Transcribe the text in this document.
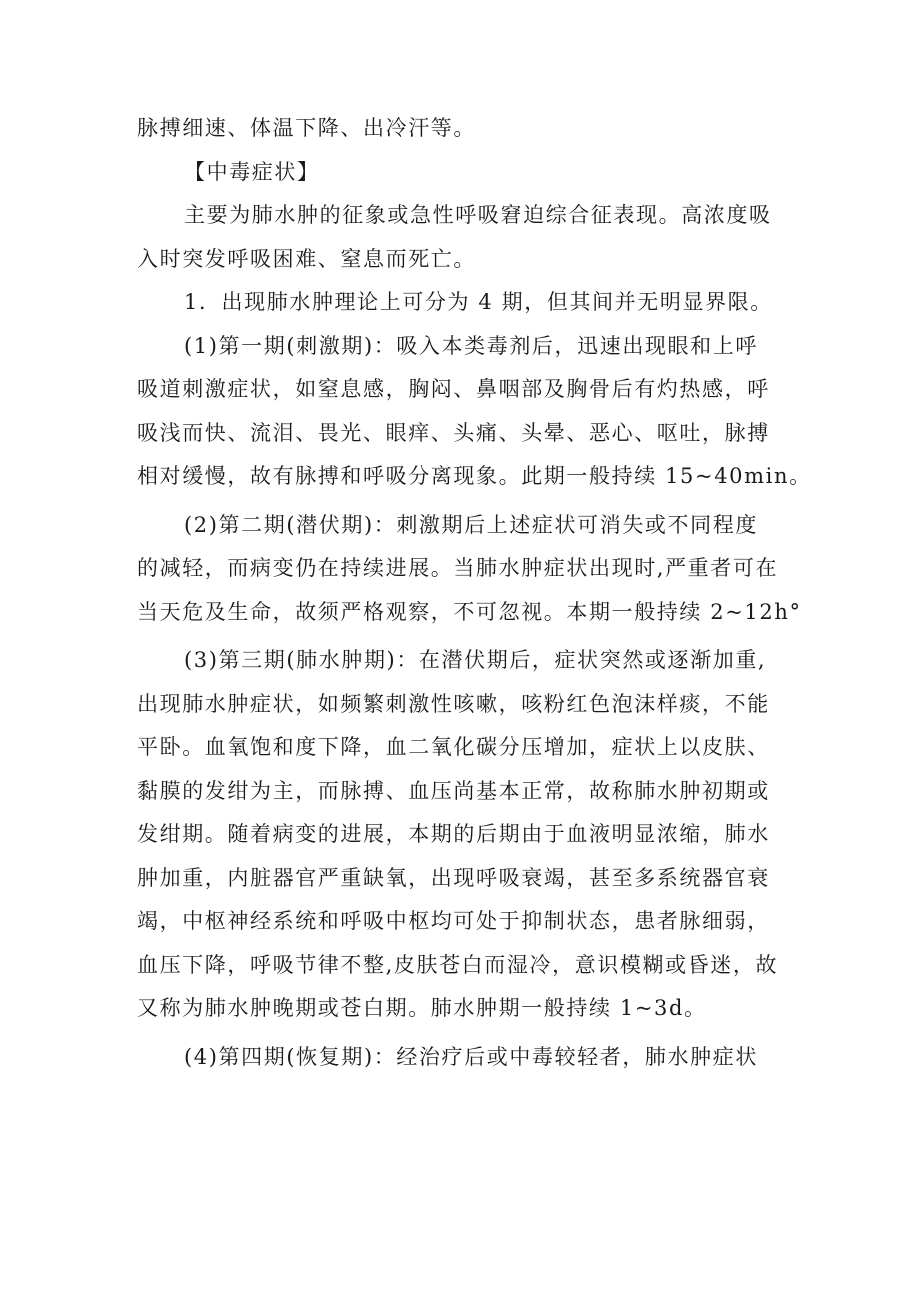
脉搏细速、体温下降、出冷汗等。
【中毒症状】
主要为肺水肿的征象或急性呼吸窘迫综合征表现。高浓度吸
入时突发呼吸困难、窒息而死亡。
1．出现肺水肿理论上可分为 4 期，但其间并无明显界限。
(1)第一期(刺激期)：吸入本类毒剂后，迅速出现眼和上呼
吸道刺激症状，如窒息感，胸闷、鼻咽部及胸骨后有灼热感，呼
吸浅而快、流泪、畏光、眼痒、头痛、头晕、恶心、呕吐，脉搏
相对缓慢，故有脉搏和呼吸分离现象。此期一般持续 15~40min。
(2)第二期(潜伏期)：刺激期后上述症状可消失或不同程度
的减轻，而病变仍在持续进展。当肺水肿症状出现时,严重者可在
当天危及生命，故须严格观察，不可忽视。本期一般持续 2~12h°
(3)第三期(肺水肿期)：在潜伏期后，症状突然或逐渐加重,
出现肺水肿症状，如频繁刺激性咳嗽，咳粉红色泡沫样痰，不能
平卧。血氧饱和度下降，血二氧化碳分压增加，症状上以皮肤、
黏膜的发绀为主，而脉搏、血压尚基本正常，故称肺水肿初期或
发绀期。随着病变的进展，本期的后期由于血液明显浓缩，肺水
肿加重，内脏器官严重缺氧，出现呼吸衰竭，甚至多系统器官衰
竭，中枢神经系统和呼吸中枢均可处于抑制状态，患者脉细弱，
血压下降，呼吸节律不整,皮肤苍白而湿冷，意识模糊或昏迷，故
又称为肺水肿晚期或苍白期。肺水肿期一般持续 1~3d。
(4)第四期(恢复期)：经治疗后或中毒较轻者，肺水肿症状
